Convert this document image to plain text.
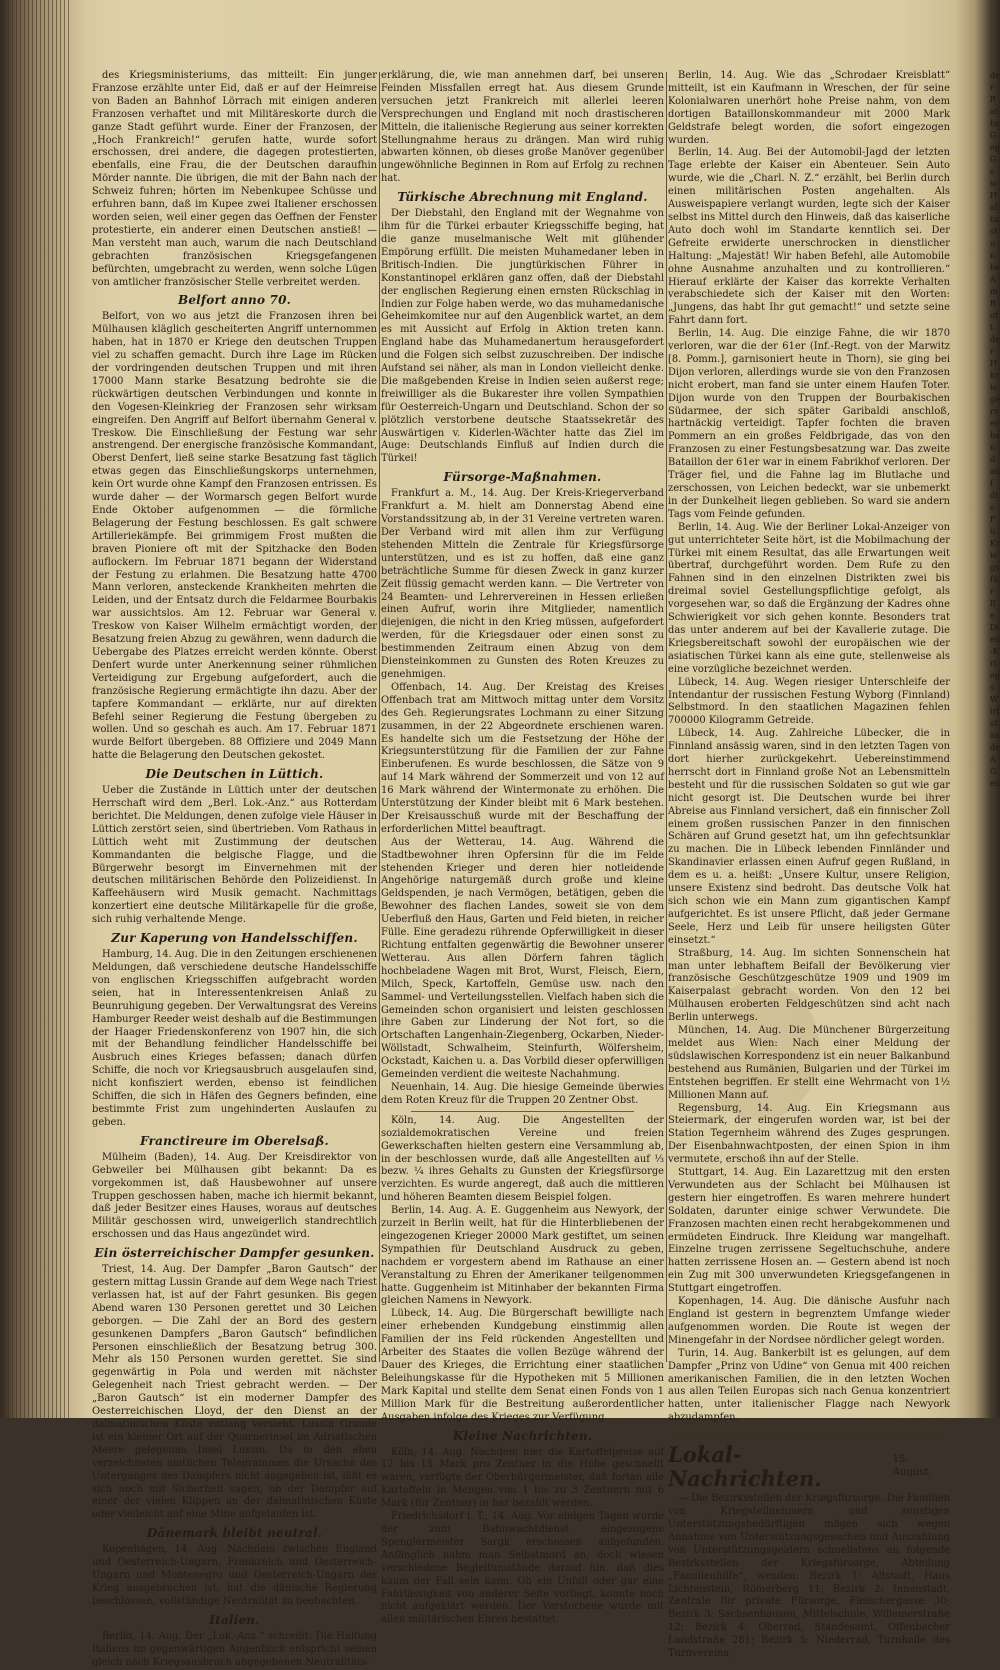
des Kriegsministeriums, das mitteilt: Ein junger Franzose erzählte unter Eid, daß er auf der Heimreise von Baden an Bahnhof Lörrach mit einigen anderen Franzosen verhaftet und mit Militäreskorte durch die ganze Stadt geführt wurde. Einer der Franzosen, der „Hoch Frankreich!“ gerufen hatte, wurde sofort erschossen, drei andere, die dagegen protestierten, ebenfalls, eine Frau, die der Deutschen daraufhin Mörder nannte. Die übrigen, die mit der Bahn nach der Schweiz fuhren; hörten im Nebenkupee Schüsse und erfuhren bann, daß im Kupee zwei Italiener erschossen worden seien, weil einer gegen das Oeffnen der Fenster protestierte, ein anderer einen Deutschen anstieß! — Man versteht man auch, warum die nach Deutschland gebrachten französischen Kriegsgefangenen befürchten, umgebracht zu werden, wenn solche Lügen von amtlicher französischer Stelle verbreitet werden.

Belfort anno 70.

Belfort, von wo aus jetzt die Franzosen ihren bei Mülhausen kläglich gescheiterten Angriff unternommen haben, hat in 1870 er Kriege den deutschen Truppen viel zu schaffen gemacht. Durch ihre Lage im Rücken der vordringenden deutschen Truppen und mit ihren 17000 Mann starke Besatzung bedrohte sie die rückwärtigen deutschen Verbindungen und konnte in den Vogesen-Kleinkrieg der Franzosen sehr wirksam eingreifen. Den Angriff auf Belfort übernahm General v. Treskow. Die Einschließung der Festung war sehr anstrengend. Der energische französische Kommandant, Oberst Denfert, ließ seine starke Besatzung fast täglich etwas gegen das Einschließungskorps unternehmen, kein Ort wurde ohne Kampf den Franzosen entrissen. Es wurde daher — der Wormarsch gegen Belfort wurde Ende Oktober aufgenommen — die förmliche Belagerung der Festung beschlossen. Es galt schwere Artilleriekämpfe. Bei grimmigem Frost mußten die braven Pioniere oft mit der Spitzhacke den Boden auflockern. Im Februar 1871 begann der Widerstand der Festung zu erlahmen. Die Besatzung hatte 4700 Mann verloren, ansteckende Krankheiten mehrten die Leiden, und der Entsatz durch die Feldarmee Bourbakis war aussichtslos. Am 12. Februar war General v. Treskow von Kaiser Wilhelm ermächtigt worden, der Besatzung freien Abzug zu gewähren, wenn dadurch die Uebergabe des Platzes erreicht werden könnte. Oberst Denfert wurde unter Anerkennung seiner rühmlichen Verteidigung zur Ergebung aufgefordert, auch die französische Regierung ermächtigte ihn dazu. Aber der tapfere Kommandant — erklärte, nur auf direkten Befehl seiner Regierung die Festung übergeben zu wollen. Und so geschah es auch. Am 17. Februar 1871 wurde Belfort übergeben. 88 Offiziere und 2049 Mann hatte die Belagerung den Deutschen gekostet.

Die Deutschen in Lüttich.

Ueber die Zustände in Lüttich unter der deutschen Herrschaft wird dem „Berl. Lok.-Anz.“ aus Rotterdam berichtet. Die Meldungen, denen zufolge viele Häuser in Lüttich zerstört seien, sind übertrieben. Vom Rathaus in Lüttich weht mit Zustimmung der deutschen Kommandanten die belgische Flagge, und die Bürgerwehr besorgt im Einvernehmen mit der deutschen militärischen Behörde den Polizeidienst. In Kaffeehäusern wird Musik gemacht. Nachmittags konzertiert eine deutsche Militärkapelle für die große, sich ruhig verhaltende Menge.

Zur Kaperung von Handelsschiffen.

Hamburg, 14. Aug. Die in den Zeitungen erschienenen Meldungen, daß verschiedene deutsche Handelsschiffe von englischen Kriegsschiffen aufgebracht worden seien, hat in Interessentenkreisen Anlaß zu Beunruhigung gegeben. Der Verwaltungsrat des Vereins Hamburger Reeder weist deshalb auf die Bestimmungen der Haager Friedenskonferenz von 1907 hin, die sich mit der Behandlung feindlicher Handelsschiffe bei Ausbruch eines Krieges befassen; danach dürfen Schiffe, die noch vor Kriegsausbruch ausgelaufen sind, nicht konfisziert werden, ebenso ist feindlichen Schiffen, die sich in Häfen des Gegners befinden, eine bestimmte Frist zum ungehinderten Auslaufen zu geben.

Franctireure im Oberelsaß.

Mülheim (Baden), 14. Aug. Der Kreisdirektor von Gebweiler bei Mülhausen gibt bekannt: Da es vorgekommen ist, daß Hausbewohner auf unsere Truppen geschossen haben, mache ich hiermit bekannt, daß jeder Besitzer eines Hauses, woraus auf deutsches Militär geschossen wird, unweigerlich standrechtlich erschossen und das Haus angezündet wird.

Ein österreichischer Dampfer gesunken.

Triest, 14. Aug. Der Dampfer „Baron Gautsch“ der gestern mittag Lussin Grande auf dem Wege nach Triest verlassen hat, ist auf der Fahrt gesunken. Bis gegen Abend waren 130 Personen gerettet und 30 Leichen geborgen. — Die Zahl der an Bord des gestern gesunkenen Dampfers „Baron Gautsch“ befindlichen Personen einschließlich der Besatzung betrug 300. Mehr als 150 Personen wurden gerettet. Sie sind gegenwärtig in Pola und werden mit nächster Gelegenheit nach Triest gebracht werden. — Der „Baron Gautsch“ ist ein moderner Dampfer des Oesterreichischen Lloyd, der den Dienst an der dalmatinischen Küste entlang versieht. Lussin Grande ist ein kleiner Ort auf der Quarnerinsel im Adriatischen Meere gelegenen Insel Lussin. Da in den eben verzeichneten amtlichen Telegrammen die Ursache des Unterganges des Dampfers nicht angegeben ist, läßt es sich noch mit Sicherheit sagen, ob der Dampfer auf einer der vielen Klippen an der dalmatinischen Küste oder vielleicht auf eine Mine aufgelaufen ist.

Dänemark bleibt neutral.

Kopenhagen, 14. Aug. Nachdem zwischen England und Oesterreich-Ungarn, Frankreich und Oesterreich-Ungarn und Montenegro und Oesterreich-Ungarn der Krieg ausgebrochen ist, hat die dänische Regierung beschlossen, vollständige Neutralität zu beobachten.

Italien.

Berlin, 14. Aug. Der „Lok.-Anz.“ schreibt: Die Haltung Italiens im gegenwärtigen Augenblick entspricht seinen gleich nach Kriegsausbruch abgegebenen Neutralitäts-

erklärung, die, wie man annehmen darf, bei unseren Feinden Missfallen erregt hat. Aus diesem Grunde versuchen jetzt Frankreich mit allerlei leeren Versprechungen und England mit noch drastischeren Mitteln, die italienische Regierung aus seiner korrekten Stellungnahme heraus zu drängen. Man wird ruhig abwarten können, ob dieses große Manöver gegenüber ungewöhnliche Beginnen in Rom auf Erfolg zu rechnen hat.

Türkische Abrechnung mit England.

Der Diebstahl, den England mit der Wegnahme von ihm für die Türkei erbauter Kriegsschiffe beging, hat die ganze muselmanische Welt mit glühender Empörung erfüllt. Die meisten Muhamedaner leben in Britisch-Indien. Die jungtürkischen Führer in Konstantinopel erklären ganz offen, daß der Diebstahl der englischen Regierung einen ernsten Rückschlag in Indien zur Folge haben werde, wo das muhamedanische Geheimkomitee nur auf den Augenblick wartet, an dem es mit Aussicht auf Erfolg in Aktion treten kann. England habe das Muhamedanertum herausgefordert und die Folgen sich selbst zuzuschreiben. Der indische Aufstand sei näher, als man in London vielleicht denke. Die maßgebenden Kreise in Indien seien außerst rege; freiwilliger als die Bukarester ihre vollen Sympathien für Oesterreich-Ungarn und Deutschland. Schon der so plötzlich verstorbene deutsche Staatssekretär des Auswärtigen v. Kiderlen-Wächter hatte das Ziel im Auge: Deutschlands Einfluß auf Indien durch die Türkei!

Fürsorge-Maßnahmen.

Frankfurt a. M., 14. Aug. Der Kreis-Kriegerverband Frankfurt a. M. hielt am Donnerstag Abend eine Vorstandssitzung ab, in der 31 Vereine vertreten waren. Der Verband wird mit allen ihm zur Verfügung stehenden Mitteln die Zentrale für Kriegsfürsorge unterstützen, und es ist zu hoffen, daß eine ganz beträchtliche Summe für diesen Zweck in ganz kurzer Zeit flüssig gemacht werden kann. — Die Vertreter von 24 Beamten- und Lehrervereinen in Hessen erließen einen Aufruf, worin ihre Mitglieder, namentlich diejenigen, die nicht in den Krieg müssen, aufgefordert werden, für die Kriegsdauer oder einen sonst zu bestimmenden Zeitraum einen Abzug von dem Diensteinkommen zu Gunsten des Roten Kreuzes zu genehmigen.

Offenbach, 14. Aug. Der Kreistag des Kreises Offenbach trat am Mittwoch mittag unter dem Vorsitz des Geh. Regierungsrates Lochmann zu einer Sitzung zusammen, in der 22 Abgeordnete erschienen waren. Es handelte sich um die Festsetzung der Höhe der Kriegsunterstützung für die Familien der zur Fahne Einberufenen. Es wurde beschlossen, die Sätze von 9 auf 14 Mark während der Sommerzeit und von 12 auf 16 Mark während der Wintermonate zu erhöhen. Die Unterstützung der Kinder bleibt mit 6 Mark bestehen. Der Kreisausschuß wurde mit der Beschaffung der erforderlichen Mittel beauftragt.

Aus der Wetterau, 14. Aug. Während die Stadtbewohner ihren Opfersinn für die im Felde stehenden Krieger und deren hier notleidende Angehörige naturgemäß durch große und kleine Geldspenden, je nach Vermögen, betätigen, geben die Bewohner des flachen Landes, soweit sie von dem Ueberfluß den Haus, Garten und Feld bieten, in reicher Fülle. Eine geradezu rührende Opferwilligkeit in dieser Richtung entfalten gegenwärtig die Bewohner unserer Wetterau. Aus allen Dörfern fahren täglich hochbeladene Wagen mit Brot, Wurst, Fleisch, Eiern, Milch, Speck, Kartoffeln, Gemüse usw. nach den Sammel- und Verteilungsstellen. Vielfach haben sich die Gemeinden schon organisiert und leisten geschlossen ihre Gaben zur Linderung der Not fort, so die Ortschaften Langenhain-Ziegenberg, Ockarben, Nieder-Wöllstadt, Schwalheim, Steinfurth, Wölfersheim, Ockstadt, Kaichen u. a. Das Vorbild dieser opferwilligen Gemeinden verdient die weiteste Nachahmung.

Neuenhain, 14. Aug. Die hiesige Gemeinde überwies dem Roten Kreuz für die Truppen 20 Zentner Obst.

Köln, 14. Aug. Die Angestellten der sozialdemokratischen Vereine und freien Gewerkschaften hielten gestern eine Versammlung ab, in der beschlossen wurde, daß alle Angestellten auf ⅓ bezw. ¼ ihres Gehalts zu Gunsten der Kriegsfürsorge verzichten. Es wurde angeregt, daß auch die mittleren und höheren Beamten diesem Beispiel folgen.

Berlin, 14. Aug. A. E. Guggenheim aus Newyork, der zurzeit in Berlin weilt, hat für die Hinterbliebenen der eingezogenen Krieger 20000 Mark gestiftet, um seinen Sympathien für Deutschland Ausdruck zu geben, nachdem er vorgestern abend im Rathause an einer Veranstaltung zu Ehren der Amerikaner teilgenommen hatte. Guggenheim ist Mitinhaber der bekannten Firma gleichen Namens in Newyork.

Lübeck, 14. Aug. Die Bürgerschaft bewilligte nach einer erhebenden Kundgebung einstimmig allen Familien der ins Feld rückenden Angestellten und Arbeiter des Staates die vollen Bezüge während der Dauer des Krieges, die Errichtung einer staatlichen Beleihungskasse für die Hypotheken mit 5 Millionen Mark Kapital und stellte dem Senat einen Fonds von 1 Million Mark für die Bestreitung außerordentlicher Ausgaben infolge des Krieges zur Verfügung.

Kleine Nachrichten.

Köln, 14. Aug. Nachdem hier die Kartoffelpreise auf 12 bis 15 Mark pro Zentner in die Höhe geschnellt waren, verfügte der Oberbürgermeister, daß fortan alle Kartoffeln in Mengen von 1 bis zu 3 Zentnern mit 6 Mark (für Zentner) in bar bezahlt werden.

Friedrichsdorf i. T., 14. Aug. Vor einigen Tagen wurde der zum Bahnwachtdienst eingezogene Spenglermeister Sargk erschossen aufgefunden. Anfänglich nahm man Selbstmord an, doch wiesen verschiedene Begleitumstände darauf hin, daß dies kaum der Fall sein kann. Ob ein Unfall oder gar eine Fahrlässigkeit von anderer Seite vorliegt, konnte noch nicht aufgeklärt werden. Der Verstorbene wurde mit allen militärischen Ehren bestattet.

Berlin, 14. Aug. Wie das „Schrodaer Kreisblatt“ mitteilt, ist ein Kaufmann in Wreschen, der für seine Kolonialwaren unerhört hohe Preise nahm, von dem dortigen Bataillonskommandeur mit 2000 Mark Geldstrafe belegt worden, die sofort eingezogen wurden.

Berlin, 14. Aug. Bei der Automobil-Jagd der letzten Tage erlebte der Kaiser ein Abenteuer. Sein Auto wurde, wie die „Charl. N. Z.“ erzählt, bei Berlin durch einen militärischen Posten angehalten. Als Ausweispapiere verlangt wurden, legte sich der Kaiser selbst ins Mittel durch den Hinweis, daß das kaiserliche Auto doch wohl im Standarte kenntlich sei. Der Gefreite erwiderte unerschrocken in dienstlicher Haltung: „Majestät! Wir haben Befehl, alle Automobile ohne Ausnahme anzuhalten und zu kontrollieren.“ Hierauf erklärte der Kaiser das korrekte Verhalten verabschiedete sich der Kaiser mit den Worten: „Jungens, das habt Ihr gut gemacht!“ und setzte seine Fahrt dann fort.

Berlin, 14. Aug. Die einzige Fahne, die wir 1870 verloren, war die der 61er (Inf.-Regt. von der Marwitz [8. Pomm.], garnisoniert heute in Thorn), sie ging bei Dijon verloren, allerdings wurde sie von den Franzosen nicht erobert, man fand sie unter einem Haufen Toter. Dijon wurde von den Truppen der Bourbakischen Südarmee, der sich später Garibaldi anschloß, hartnäckig verteidigt. Tapfer fochten die braven Pommern an ein großes Feldbrigade, das von den Franzosen zu einer Festungsbesatzung war. Das zweite Bataillon der 61er war in einem Fabrikhof verloren. Der Träger fiel, und die Fahne lag im Blutlache und zerschossen, von Leichen bedeckt, war sie unbemerkt in der Dunkelheit liegen geblieben. So ward sie andern Tags vom Feinde gefunden.

Berlin, 14. Aug. Wie der Berliner Lokal-Anzeiger von gut unterrichteter Seite hört, ist die Mobilmachung der Türkei mit einem Resultat, das alle Erwartungen weit übertraf, durchgeführt worden. Dem Rufe zu den Fahnen sind in den einzelnen Distrikten zwei bis dreimal soviel Gestellungspflichtige gefolgt, als vorgesehen war, so daß die Ergänzung der Kadres ohne Schwierigkeit vor sich gehen konnte. Besonders trat das unter anderem auf bei der Kavallerie zutage. Die Kriegsbereitschaft sowohl der europäischen wie der asiatischen Türkei kann als eine gute, stellenweise als eine vorzügliche bezeichnet werden.

Lübeck, 14. Aug. Wegen riesiger Unterschleife der Intendantur der russischen Festung Wyborg (Finnland) Selbstmord. In den staatlichen Magazinen fehlen 700000 Kilogramm Getreide.

Lübeck, 14. Aug. Zahlreiche Lübecker, die in Finnland ansässig waren, sind in den letzten Tagen von dort hierher zurückgekehrt. Uebereinstimmend herrscht dort in Finnland große Not an Lebensmitteln besteht und für die russischen Soldaten so gut wie gar nicht gesorgt ist. Die Deutschen wurde bei ihrer Abreise aus Finnland versichert, daß ein finnischer Zoll einem großen russischen Panzer in den finnischen Schären auf Grund gesetzt hat, um ihn gefechtsunklar zu machen. Die in Lübeck lebenden Finnländer und Skandinavier erlassen einen Aufruf gegen Rußland, in dem es u. a. heißt: „Unsere Kultur, unsere Religion, unsere Existenz sind bedroht. Das deutsche Volk hat sich schon wie ein Mann zum gigantischen Kampf aufgerichtet. Es ist unsere Pflicht, daß jeder Germane Seele, Herz und Leib für unsere heiligsten Güter einsetzt.“

Straßburg, 14. Aug. Im sichten Sonnenschein hat man unter lebhaftem Beifall der Bevölkerung vier französische Geschützgeschütze 1909 und 1909 im Kaiserpalast gebracht worden. Von den 12 bei Mülhausen eroberten Feldgeschützen sind acht nach Berlin unterwegs.

München, 14. Aug. Die Münchener Bürgerzeitung meldet aus Wien: Nach einer Meldung der südslawischen Korrespondenz ist ein neuer Balkanbund bestehend aus Rumänien, Bulgarien und der Türkei im Entstehen begriffen. Er stellt eine Wehrmacht von 1½ Millionen Mann auf.

Regensburg, 14. Aug. Ein Kriegsmann aus Steiermark, der eingerufen worden war, ist bei der Station Tegernheim während des Zuges gesprungen. Der Eisenbahnwachtposten, der einen Spion in ihm vermutete, erschoß ihn auf der Stelle.

Stuttgart, 14. Aug. Ein Lazarettzug mit den ersten Verwundeten aus der Schlacht bei Mülhausen ist gestern hier eingetroffen. Es waren mehrere hundert Soldaten, darunter einige schwer Verwundete. Die Franzosen machten einen recht herabgekommenen und ermüdeten Eindruck. Ihre Kleidung war mangelhaft. Einzelne trugen zerrissene Segeltuchschuhe, andere hatten zerrissene Hosen an. — Gestern abend ist noch ein Zug mit 300 unverwundeten Kriegsgefangenen in Stuttgart eingetroffen.

Kopenhagen, 14. Aug. Die dänische Ausfuhr nach England ist gestern in begrenztem Umfange wieder aufgenommen worden. Die Route ist wegen der Minengefahr in der Nordsee nördlicher gelegt worden.

Turin, 14. Aug. Bankerbilt ist es gelungen, auf dem Dampfer „Prinz von Udine“ von Genua mit 400 reichen amerikanischen Familien, die in den letzten Wochen aus allen Teilen Europas sich nach Genua konzentriert hatten, unter italienischer Flagge nach Newyork abzudampfen.

Lokal-Nachrichten.
15. August.

— Die Bezirksstellen der Kriegsfürsorge. Die Familien von Kriegsteilnehmern und sonstigen Unterstützungsbedürftigen mögen sich wegen Annahme von Unterstützungsgesuchen und Auszahlung von Unterstützungsgeldern schnellstens an folgende Bezirksstellen der Kriegsfürsorge, Abteilung „Familienhilfe“, wenden: Bezirk 1: Altstadt, Haus Lichtenstein, Römerberg 11; Bezirk 2: Innenstadt, Zentrale für private Fürsorge, Fleischergasse 30; Bezirk 3: Sachsenhausen, Mittelschule, Willemerstraße 12; Bezirk 4: Oberrad, Standesamt, Offenbacher Landstraße 281; Bezirk 5: Niederrad, Turnhalle des Turnvereins,

der Ratbs Geg Gew Haltu stunbe Am Rott der H kriegerverband auf die Fü Kriegsfür Be Dien-Kriegs Wirt stände A Gen
